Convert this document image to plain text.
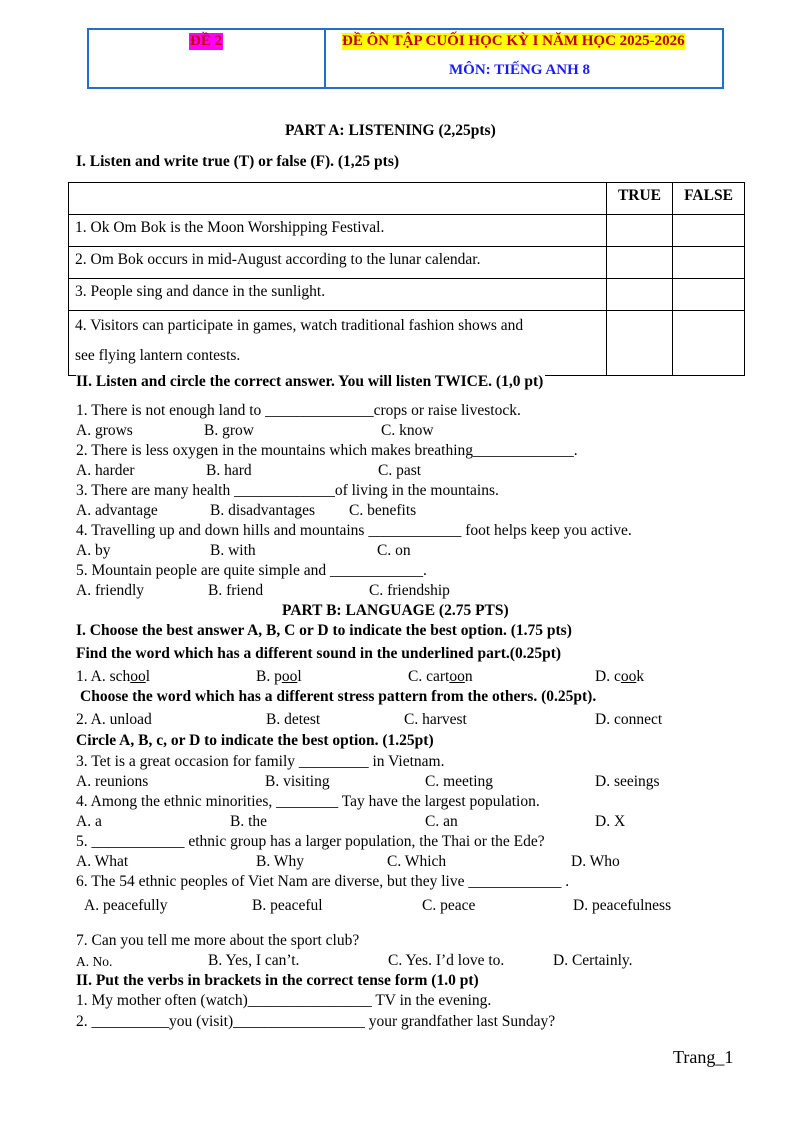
ĐỀ 2	ĐỀ ÔN TẬP CUỐI HỌC KỲ I NĂM HỌC 2025-2026
MÔN: TIẾNG ANH 8
PART A: LISTENING (2,25pts)
I. Listen and write true (T) or false (F). (1,25 pts)
	TRUE	FALSE
1. Ok Om Bok is the Moon Worshipping Festival.		
2. Om Bok occurs in mid-August according to the lunar calendar.		
3. People sing and dance in the sunlight.		
4. Visitors can participate in games, watch traditional fashion shows and
see flying lantern contests.		
II. Listen and circle the correct answer. You will listen TWICE. (1,0 pt)
1. There is not enough land to ______________crops or raise livestock.
A. grows	B. grow	C. know
2. There is less oxygen in the mountains which makes breathing_____________.
A. harder	B. hard	C. past
3. There are many health _____________of living in the mountains.
A. advantage	B. disadvantages C. benefits
4. Travelling up and down hills and mountains ____________ foot helps keep you active.
A. by	B. with	C. on
5. Mountain people are quite simple and ____________.
A. friendly	B. friend	C. friendship
PART B: LANGUAGE (2.75 PTS)
I. Choose the best answer A, B, C or D to indicate the best option. (1.75 pts)
Find the word which has a different sound in the underlined part.(0.25pt)
1. A. school	B. pool	C. cartoon	D. cook
Choose the word which has a different stress pattern from the others. (0.25pt).
2. A. unload	B. detest	C. harvest	D. connect
Circle A, B, c, or D to indicate the best option. (1.25pt)
3. Tet is a great occasion for family _________ in Vietnam.
A. reunions	B. visiting	C. meeting	D. seeings
4. Among the ethnic minorities, ________ Tay have the largest population.
A. a	B. the	C. an	D. X
5. ____________ ethnic group has a larger population, the Thai or the Ede?
A. What	B. Why	C. Which	D. Who
6. The 54 ethnic peoples of Viet Nam are diverse, but they live ____________ .
A. peacefully	B. peaceful	C. peace	D. peacefulness
7. Can you tell me more about the sport club?
A. No.	B. Yes, I can’t.	C. Yes. I’d love to.	D. Certainly.
II. Put the verbs in brackets in the correct tense form (1.0 pt)
1. My mother often (watch)________________ TV in the evening.
2. __________you (visit)_________________ your grandfather last Sunday?
Trang_1
